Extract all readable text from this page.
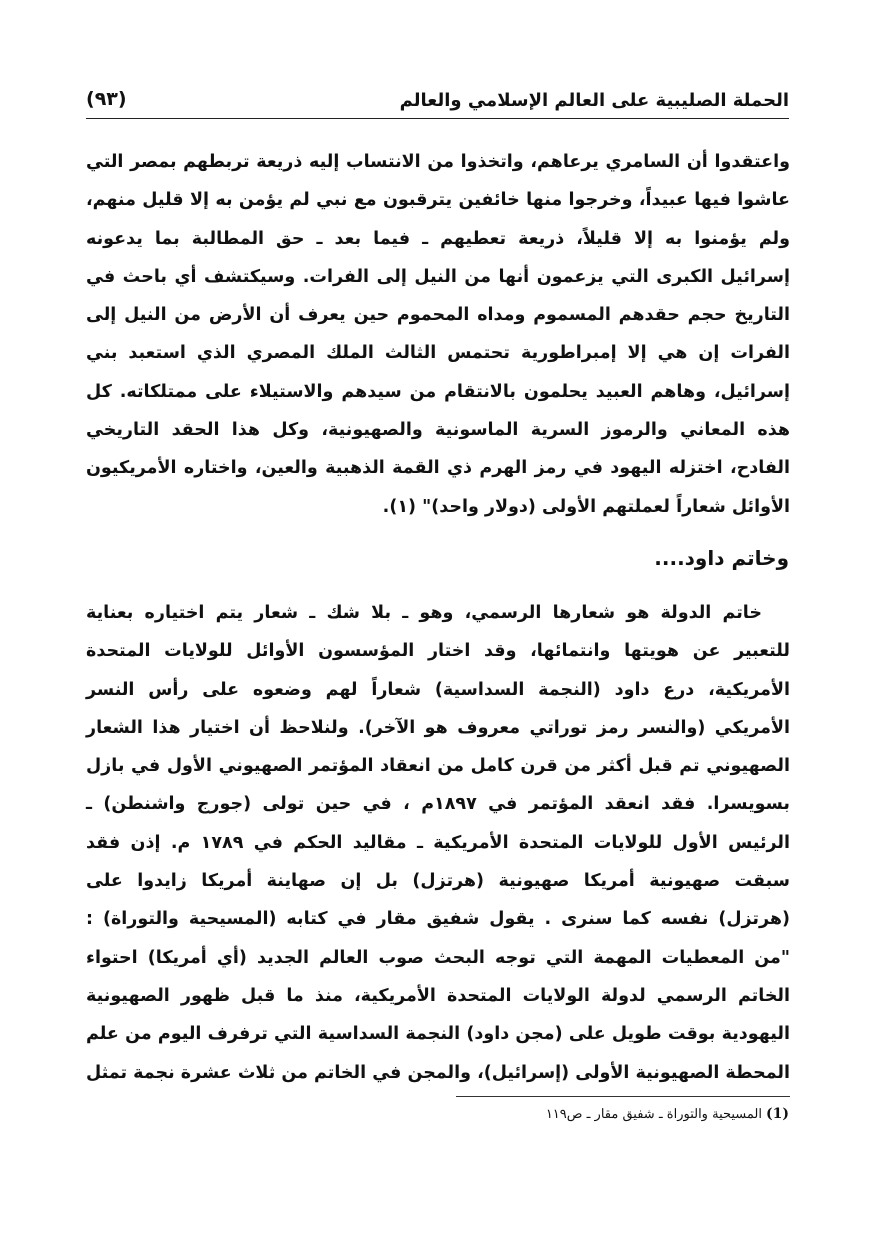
الحملة الصليبية على العالم الإسلامي والعالم
(٩٣)
واعتقدوا أن السامري يرعاهم، واتخذوا من الانتساب إليه ذريعة تربطهم بمصر التي
عاشوا فيها عبيداً، وخرجوا منها خائفين يترقبون مع نبي لم يؤمن به إلا قليل منهم،
ولم يؤمنوا به إلا قليلاً، ذريعة تعطيهم ـ فيما بعد ـ حق المطالبة بما يدعونه
إسرائيل الكبرى التي يزعمون أنها من النيل إلى الفرات. وسيكتشف أي باحث في
التاريخ حجم حقدهم المسموم ومداه المحموم حين يعرف أن الأرض من النيل إلى
الفرات إن هي إلا إمبراطورية تحتمس الثالث الملك المصري الذي استعبد بني
إسرائيل، وهاهم العبيد يحلمون بالانتقام من سيدهم والاستيلاء على ممتلكاته. كل
هذه المعاني والرموز السرية الماسونية والصهيونية، وكل هذا الحقد التاريخي
الفادح، اختزله اليهود في رمز الهرم ذي القمة الذهبية والعين، واختاره الأمريكيون
الأوائل شعاراً لعملتهم الأولى (دولار واحد)" (١).
وخاتم داود....
خاتم الدولة هو شعارها الرسمي، وهو ـ بلا شك ـ شعار يتم اختياره بعناية
للتعبير عن هويتها وانتمائها، وقد اختار المؤسسون الأوائل للولايات المتحدة
الأمريكية، درع داود (النجمة السداسية) شعاراً لهم وضعوه على رأس النسر
الأمريكي (والنسر رمز توراتي معروف هو الآخر). ولنلاحظ أن اختيار هذا الشعار
الصهيوني تم قبل أكثر من قرن كامل من انعقاد المؤتمر الصهيوني الأول في بازل
بسويسرا. فقد انعقد المؤتمر في ١٨٩٧م ، في حين تولى (جورج واشنطن) ـ
الرئيس الأول للولايات المتحدة الأمريكية ـ مقاليد الحكم في ١٧٨٩ م. إذن فقد
سبقت صهيونية أمريكا صهيونية (هرتزل) بل إن صهاينة أمريكا زايدوا على
(هرتزل) نفسه كما سنرى . يقول شفيق مقار في كتابه (المسيحية والتوراة) :
"من المعطيات المهمة التي توجه البحث صوب العالم الجديد (أي أمريكا) احتواء
الخاتم الرسمي لدولة الولايات المتحدة الأمريكية، منذ ما قبل ظهور الصهيونية
اليهودية بوقت طويل على (مجن داود) النجمة السداسية التي ترفرف اليوم من علم
المحطة الصهيونية الأولى (إسرائيل)، والمجن في الخاتم من ثلاث عشرة نجمة تمثل
(1)المسيحية والتوراة ـ شفيق مقار ـ ص١١٩
